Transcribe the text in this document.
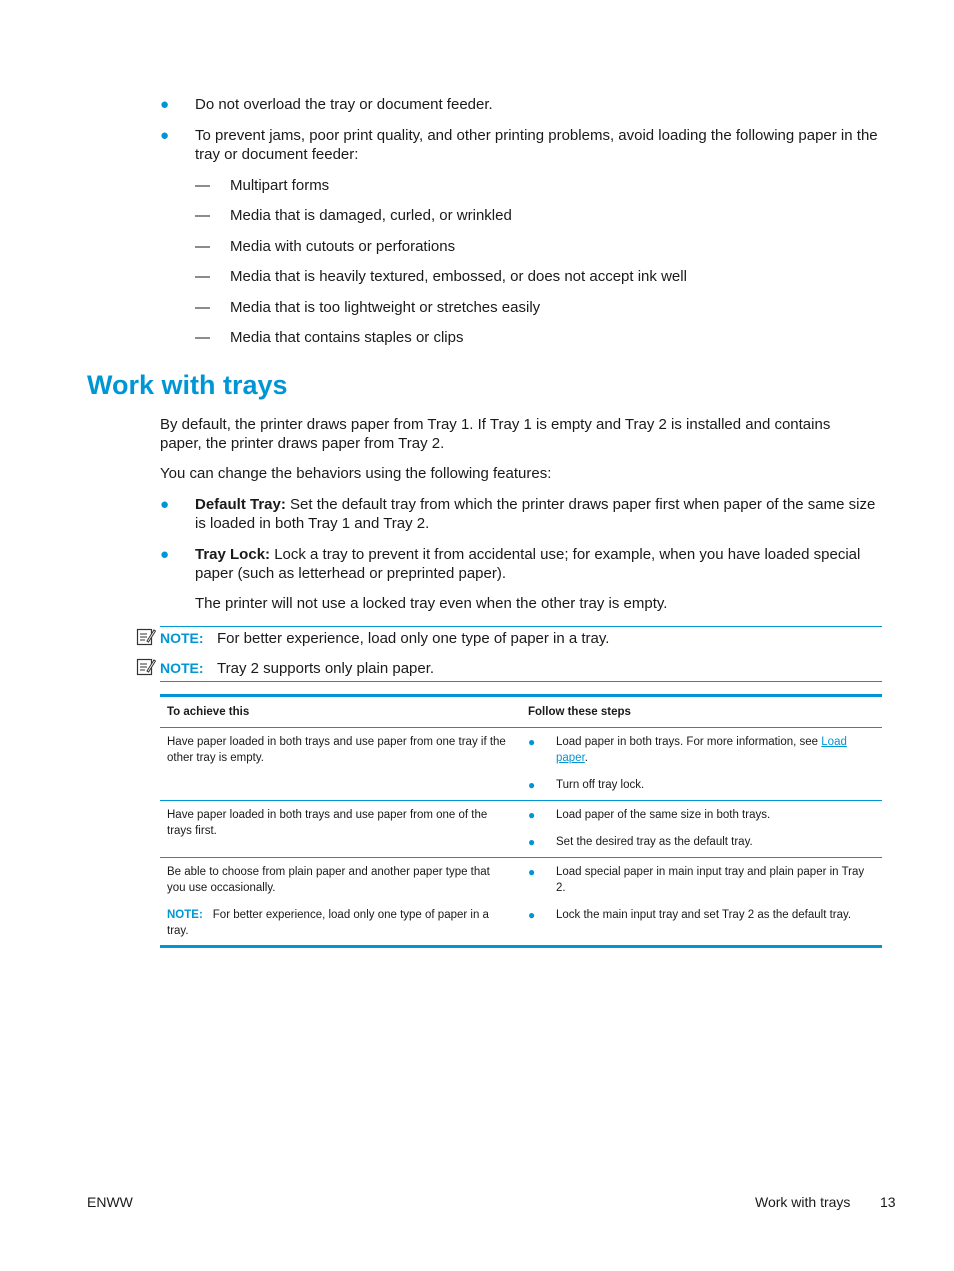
● Do not overload the tray or document feeder.
● To prevent jams, poor print quality, and other printing problems, avoid loading the following paper in the tray or document feeder:
— Multipart forms
— Media that is damaged, curled, or wrinkled
— Media with cutouts or perforations
— Media that is heavily textured, embossed, or does not accept ink well
— Media that is too lightweight or stretches easily
— Media that contains staples or clips
Work with trays
By default, the printer draws paper from Tray 1. If Tray 1 is empty and Tray 2 is installed and contains paper, the printer draws paper from Tray 2.
You can change the behaviors using the following features:
● Default Tray: Set the default tray from which the printer draws paper first when paper of the same size is loaded in both Tray 1 and Tray 2.
● Tray Lock: Lock a tray to prevent it from accidental use; for example, when you have loaded special paper (such as letterhead or preprinted paper).
The printer will not use a locked tray even when the other tray is empty.
NOTE: For better experience, load only one type of paper in a tray.
NOTE: Tray 2 supports only plain paper.
To achieve this	Follow these steps
Have paper loaded in both trays and use paper from one tray if the other tray is empty.
● Load paper in both trays. For more information, see Load paper.
● Turn off tray lock.
Have paper loaded in both trays and use paper from one of the trays first.
● Load paper of the same size in both trays.
● Set the desired tray as the default tray.
Be able to choose from plain paper and another paper type that you use occasionally.
NOTE: For better experience, load only one type of paper in a tray.
● Load special paper in main input tray and plain paper in Tray 2.
● Lock the main input tray and set Tray 2 as the default tray.
ENWW	Work with trays 13
